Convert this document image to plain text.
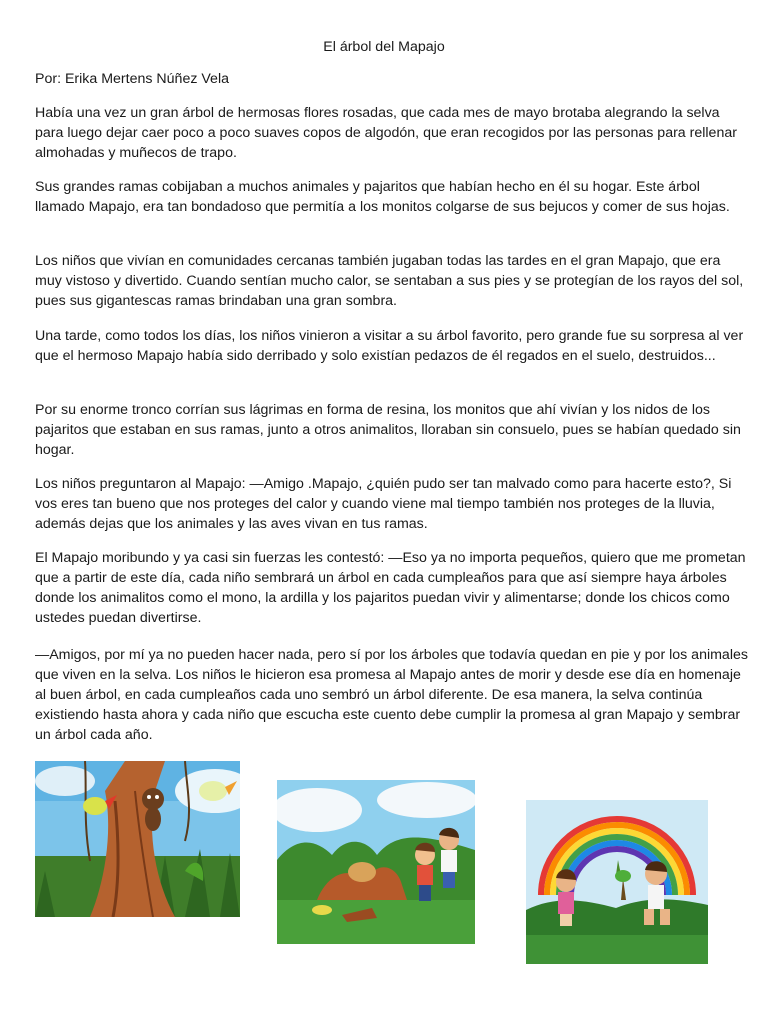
El árbol del Mapajo

Por: Erika Mertens Núñez Vela

Había una vez un gran árbol de hermosas flores rosadas, que cada mes de mayo brotaba alegrando la selva para luego dejar caer poco a poco suaves copos de algodón, que eran recogidos por las personas para rellenar almohadas y muñecos de trapo.

Sus grandes ramas cobijaban a muchos animales y pajaritos que habían hecho en él su hogar. Este árbol llamado Mapajo, era tan bondadoso que permitía a los monitos colgarse de sus bejucos y comer de sus hojas.

Los niños que vivían en comunidades cercanas también jugaban todas las tardes en el gran Mapajo, que era muy vistoso y divertido. Cuando sentían mucho calor, se sentaban a sus pies y se protegían de los rayos del sol, pues sus gigantescas ramas brindaban una gran sombra.

Una tarde, como todos los días, los niños vinieron a visitar a su árbol favorito, pero grande fue su sorpresa al ver que el hermoso Mapajo había sido derribado y solo existían pedazos de él regados en el suelo, destruidos...

Por su enorme tronco corrían sus lágrimas en forma de resina, los monitos que ahí vivían y los nidos de los pajaritos que estaban en sus ramas, junto a otros animalitos, lloraban sin consuelo, pues se habían quedado sin hogar.

Los niños preguntaron al Mapajo: —Amigo .Mapajo, ¿quién pudo ser tan malvado como para hacerte esto?, Si vos eres tan bueno que nos proteges del calor y cuando viene mal tiempo también nos proteges de la lluvia, además dejas que los animales y las aves vivan en tus ramas.

El Mapajo moribundo y ya casi sin fuerzas les contestó: —Eso ya no importa pequeños, quiero que me prometan que a partir de este día, cada niño sembrará un árbol en cada cumpleaños para que así siempre haya árboles donde los animalitos como el mono, la ardilla y los pajaritos puedan vivir y alimentarse; donde los chicos como ustedes puedan divertirse.

—Amigos, por mí ya no pueden hacer nada, pero sí por los árboles que todavía quedan en pie y por los animales que viven en la selva. Los niños le hicieron esa promesa al Mapajo antes de morir y desde ese día en homenaje al buen árbol, en cada cumpleaños cada uno sembró un árbol diferente. De esa manera, la selva continúa existiendo hasta ahora y cada niño que escucha este cuento debe cumplir la promesa al gran Mapajo y sembrar un árbol cada año.
